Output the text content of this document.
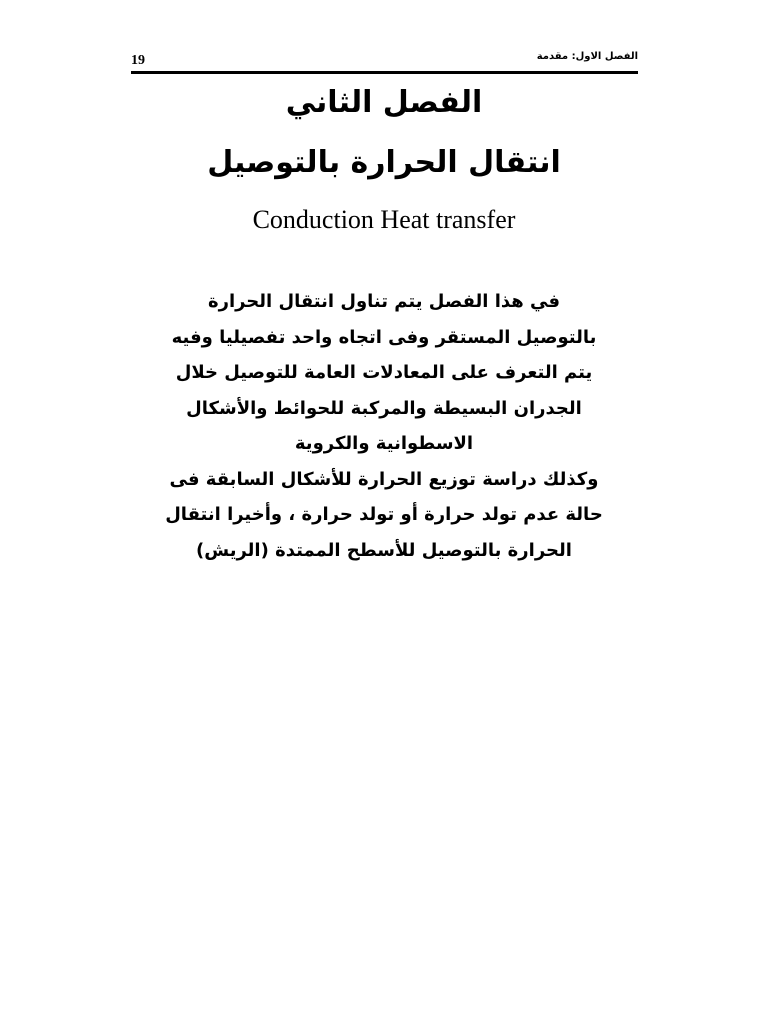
19	الفصل الاول: مقدمة
الفصل الثاني
انتقال الحرارة بالتوصيل
Conduction Heat transfer
في هذا الفصل يتم تناول انتقال الحرارة
بالتوصيل المستقر وفى اتجاه واحد تفصيليا وفيه
يتم التعرف على المعادلات العامة للتوصيل خلال
الجدران البسيطة والمركبة للحوائط والأشكال
الاسطوانية والكروية
وكذلك دراسة توزيع الحرارة للأشكال السابقة فى
حالة عدم تولد حرارة أو تولد حرارة ، وأخيرا انتقال
الحرارة بالتوصيل للأسطح الممتدة (الريش)
